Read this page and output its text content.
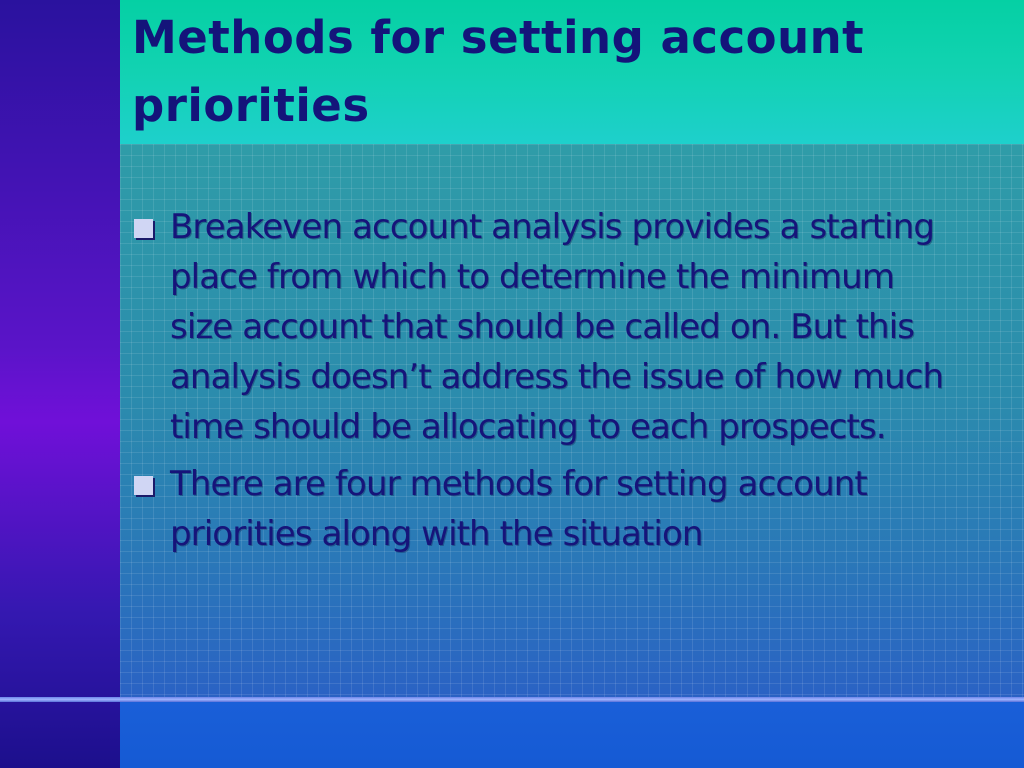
Methods for setting account priorities
Breakeven account analysis provides a starting place from which to determine the minimum size account that should be called on. But this analysis doesn’t address the issue of how much time should be allocating to each prospects.
There are four methods for setting account priorities along with the situation
